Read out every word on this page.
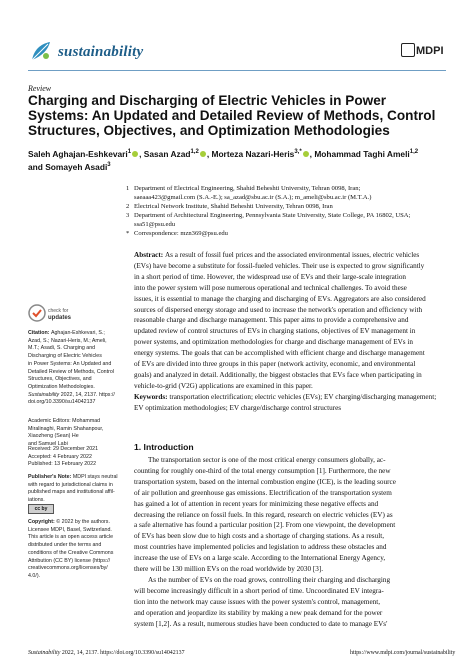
sustainability	MDPI
Review
Charging and Discharging of Electric Vehicles in Power Systems: An Updated and Detailed Review of Methods, Control Structures, Objectives, and Optimization Methodologies
Saleh Aghajan-Eshkevari$^1$ , Sasan Azad$^{1,2}$ , Morteza Nazari-Heris$^{3,*}$ , Mohammad Taghi Ameli$^{1,2}$
and Somayeh Asadi$^3$
1 Department of Electrical Engineering, Shahid Beheshti University, Tehran 0098, Iran;
saeaaa423@gmail.com (S.A.-E.); sa_azad@sbu.ac.ir (S.A.); m_ameli@sbu.ac.ir (M.T.A.)
2 Electrical Network Institute, Shahid Beheshti University, Tehran 0098, Iran
3 Department of Architectural Engineering, Pennsylvania State University, State College, PA 16802, USA;
ssa51@psu.edu
* Correspondence: mzn369@psu.edu
Abstract: As a result of fossil fuel prices and the associated environmental issues, electric vehicles
(EVs) have become a substitute for fossil-fueled vehicles. Their use is expected to grow significantly
in a short period of time. However, the widespread use of EVs and their large-scale integration
into the power system will pose numerous operational and technical challenges. To avoid these
issues, it is essential to manage the charging and discharging of EVs. Aggregators are also considered
sources of dispersed energy storage and used to increase the network's operation and efficiency with
reasonable charge and discharge management. This paper aims to provide a comprehensive and
updated review of control structures of EVs in charging stations, objectives of EV management in
power systems, and optimization methodologies for charge and discharge management of EVs in
energy systems. The goals that can be accomplished with efficient charge and discharge management
of EVs are divided into three groups in this paper (network activity, economic, and environmental
goals) and analyzed in detail. Additionally, the biggest obstacles that EVs face when participating in
vehicle-to-grid (V2G) applications are examined in this paper.
Keywords: transportation electrification; electric vehicles (EVs); EV charging/discharging management;
EV optimization methodologies; EV charge/discharge control structures
check for
updates
Citation: Aghajan-Eshkevari, S.;
Azad, S.; Nazari-Heris, M.; Ameli,
M.T.; Asadi, S. Charging and
Discharging of Electric Vehicles
in Power Systems: An Updated and
Detailed Review of Methods, Control
Structures, Objectives, and
Optimization Methodologies.
Sustainability 2022, 14, 2137. https://
doi.org/10.3390/su14042137
Academic Editors: Mohammad
Miralinaghi, Ramin Shahanpour,
Xiaozheng (Sean) He
and Samuel Labi
Received: 29 December 2021
Accepted: 4 February 2022
Published: 13 February 2022
Publisher's Note: MDPI stays neutral
with regard to jurisdictional claims in
published maps and institutional affil-
iations.
cc by
Copyright: © 2022 by the authors.
Licensee MDPI, Basel, Switzerland.
This article is an open access article
distributed under the terms and
conditions of the Creative Commons
Attribution (CC BY) license (https://
creativecommons.org/licenses/by/
4.0/).
1. Introduction
The transportation sector is one of the most critical energy consumers globally, ac-
counting for roughly one-third of the total energy consumption [1]. Furthermore, the new
transportation system, based on the internal combustion engine (ICE), is the leading source
of air pollution and greenhouse gas emissions. Electrification of the transportation system
has gained a lot of attention in recent years for minimizing these negative effects and
decreasing the reliance on fossil fuels. In this regard, research on electric vehicles (EV) as
a safe alternative has found a particular position [2]. From one viewpoint, the development
of EVs has been slow due to high costs and a shortage of charging stations. As a result,
most countries have implemented policies and legislation to address these obstacles and
increase the use of EVs on a large scale. According to the International Energy Agency,
there will be 130 million EVs on the road worldwide by 2030 [3].
As the number of EVs on the road grows, controlling their charging and discharging
will become increasingly difficult in a short period of time. Uncoordinated EV integra-
tion into the network may cause issues with the power system's control, management,
and operation and jeopardize its stability by making a new peak demand for the power
system [1,2]. As a result, numerous studies have been conducted to date to manage EVs'
Sustainability 2022, 14, 2137. https://doi.org/10.3390/su14042137	https://www.mdpi.com/journal/sustainability
